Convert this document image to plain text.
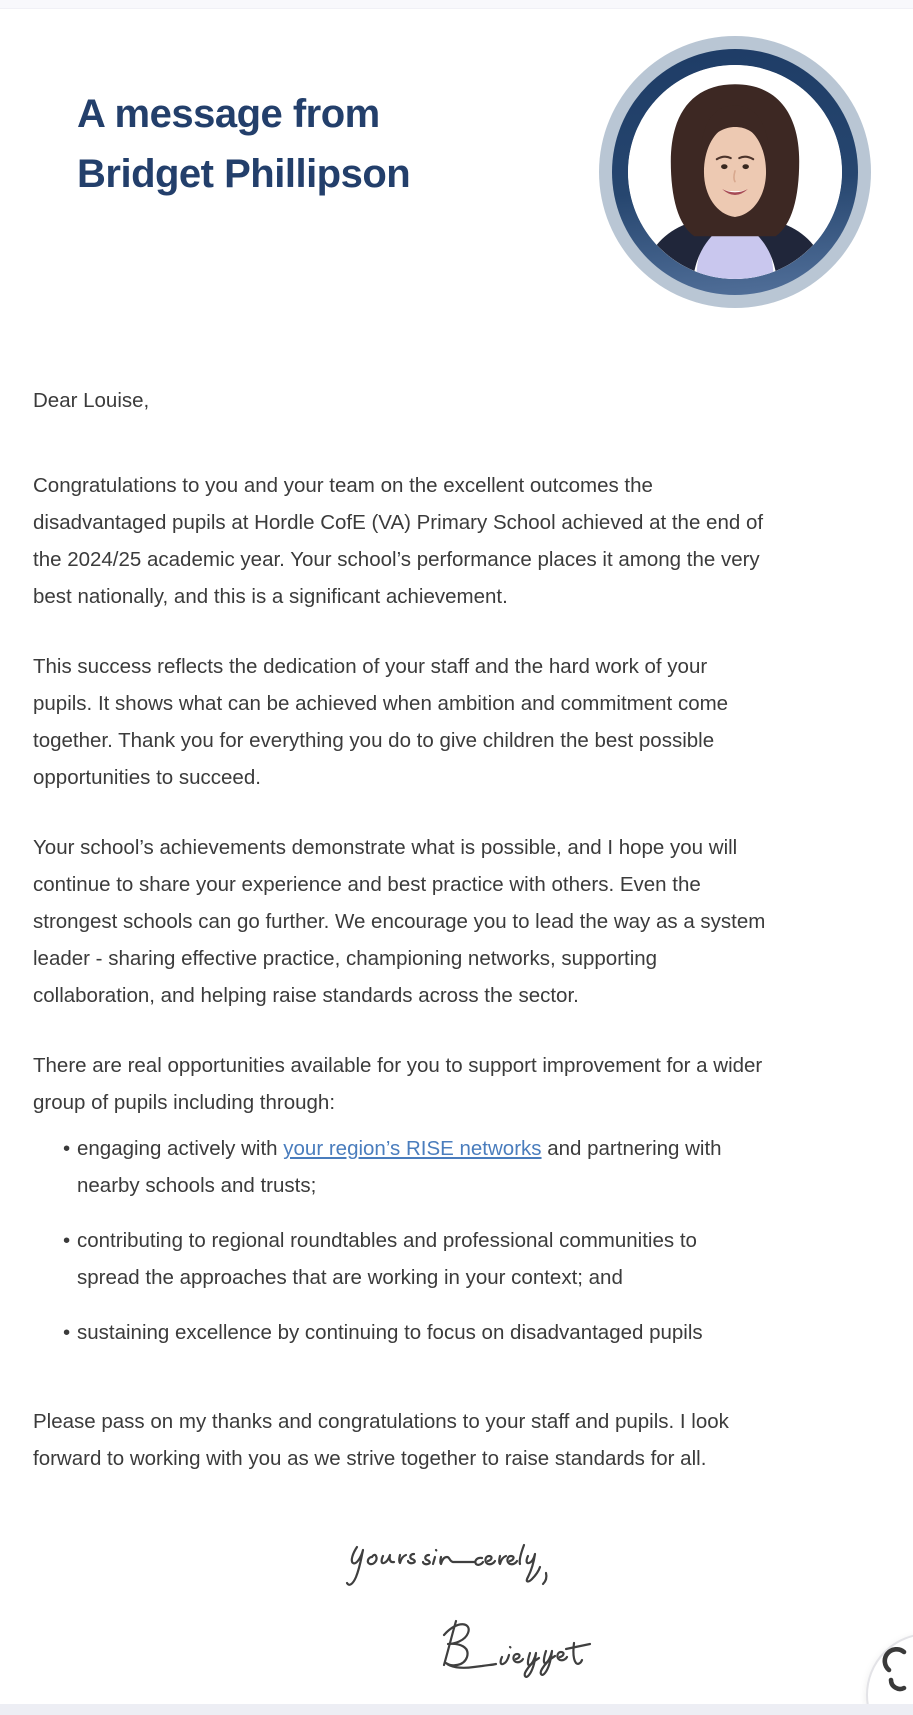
A message from
Bridget Phillipson

Dear Louise,

Congratulations to you and your team on the excellent outcomes the
disadvantaged pupils at Hordle CofE (VA) Primary School achieved at the end of
the 2024/25 academic year. Your school’s performance places it among the very
best nationally, and this is a significant achievement.

This success reflects the dedication of your staff and the hard work of your
pupils. It shows what can be achieved when ambition and commitment come
together. Thank you for everything you do to give children the best possible
opportunities to succeed.

Your school’s achievements demonstrate what is possible, and I hope you will
continue to share your experience and best practice with others. Even the
strongest schools can go further. We encourage you to lead the way as a system
leader - sharing effective practice, championing networks, supporting
collaboration, and helping raise standards across the sector.

There are real opportunities available for you to support improvement for a wider
group of pupils including through:

• engaging actively with your region’s RISE networks and partnering with
nearby schools and trusts;
• contributing to regional roundtables and professional communities to
spread the approaches that are working in your context; and
• sustaining excellence by continuing to focus on disadvantaged pupils

Please pass on my thanks and congratulations to your staff and pupils. I look
forward to working with you as we strive together to raise standards for all.
